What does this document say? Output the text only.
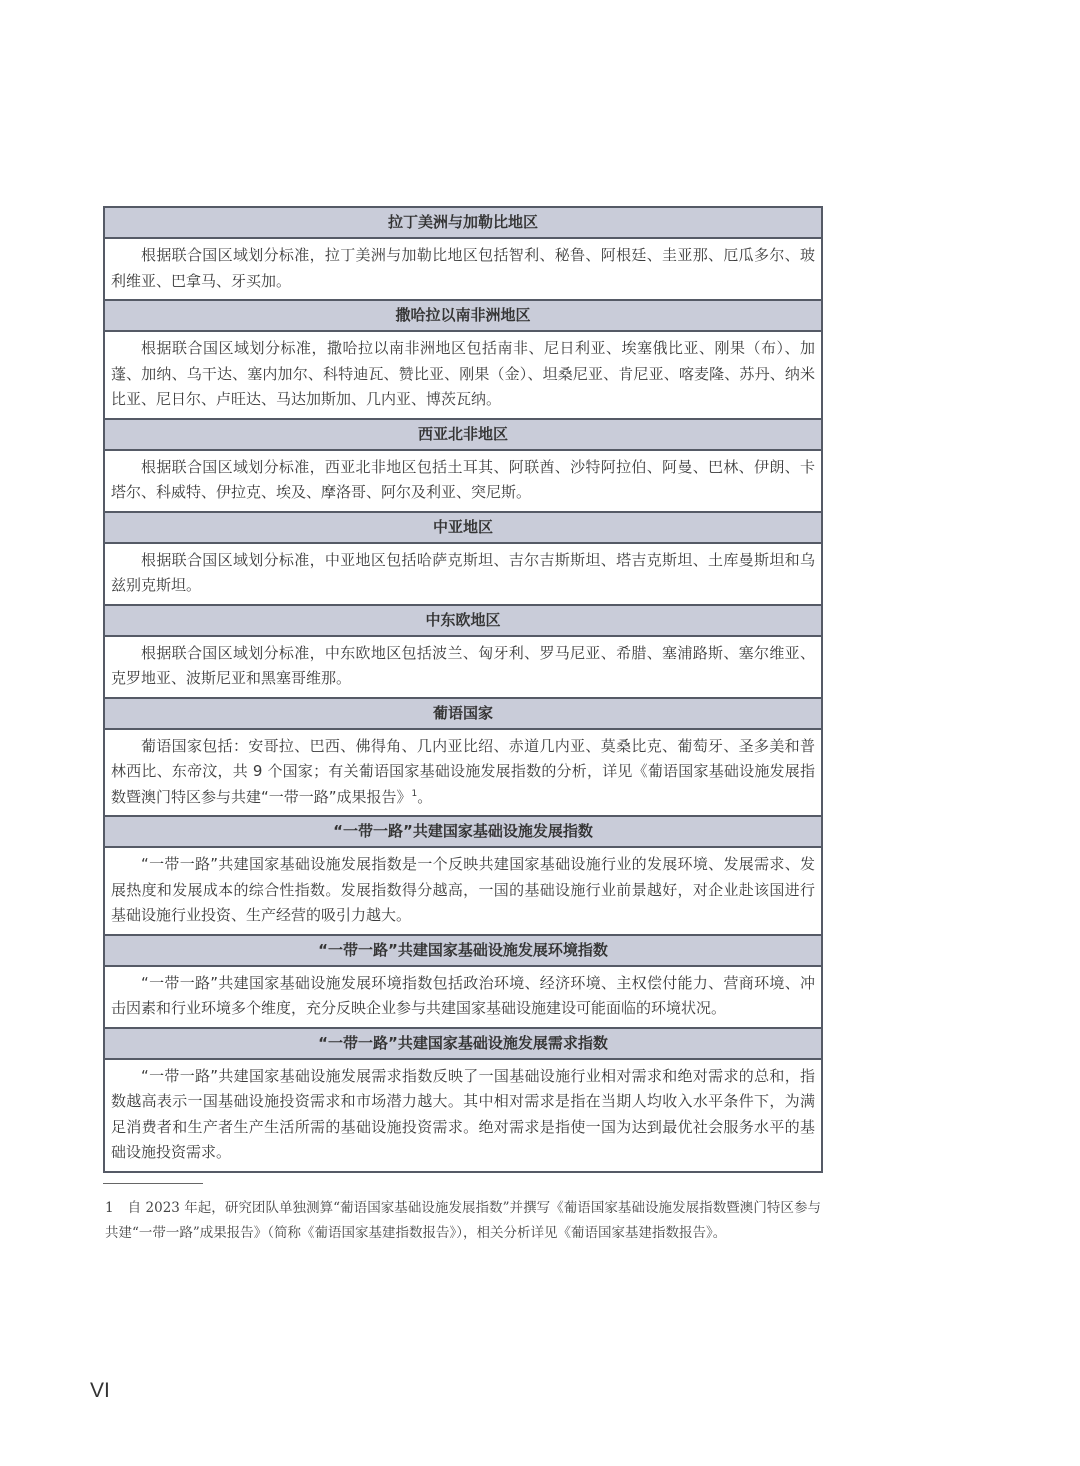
拉丁美洲与加勒比地区
根据联合国区域划分标准，拉丁美洲与加勒比地区包括智利、秘鲁、阿根廷、圭亚那、厄瓜多尔、玻利维亚、巴拿马、牙买加。
撒哈拉以南非洲地区
根据联合国区域划分标准，撒哈拉以南非洲地区包括南非、尼日利亚、埃塞俄比亚、刚果（布）、加蓬、加纳、乌干达、塞内加尔、科特迪瓦、赞比亚、刚果（金）、坦桑尼亚、肯尼亚、喀麦隆、苏丹、纳米比亚、尼日尔、卢旺达、马达加斯加、几内亚、博茨瓦纳。
西亚北非地区
根据联合国区域划分标准，西亚北非地区包括土耳其、阿联酋、沙特阿拉伯、阿曼、巴林、伊朗、卡塔尔、科威特、伊拉克、埃及、摩洛哥、阿尔及利亚、突尼斯。
中亚地区
根据联合国区域划分标准，中亚地区包括哈萨克斯坦、吉尔吉斯斯坦、塔吉克斯坦、土库曼斯坦和乌兹别克斯坦。
中东欧地区
根据联合国区域划分标准，中东欧地区包括波兰、匈牙利、罗马尼亚、希腊、塞浦路斯、塞尔维亚、克罗地亚、波斯尼亚和黑塞哥维那。
葡语国家
葡语国家包括：安哥拉、巴西、佛得角、几内亚比绍、赤道几内亚、莫桑比克、葡萄牙、圣多美和普林西比、东帝汶，共 9 个国家；有关葡语国家基础设施发展指数的分析，详见《葡语国家基础设施发展指数暨澳门特区参与共建“一带一路”成果报告》$^1$。
“一带一路”共建国家基础设施发展指数
“一带一路”共建国家基础设施发展指数是一个反映共建国家基础设施行业的发展环境、发展需求、发展热度和发展成本的综合性指数。发展指数得分越高，一国的基础设施行业前景越好，对企业赴该国进行基础设施行业投资、生产经营的吸引力越大。
“一带一路”共建国家基础设施发展环境指数
“一带一路”共建国家基础设施发展环境指数包括政治环境、经济环境、主权偿付能力、营商环境、冲击因素和行业环境多个维度，充分反映企业参与共建国家基础设施建设可能面临的环境状况。
“一带一路”共建国家基础设施发展需求指数
“一带一路”共建国家基础设施发展需求指数反映了一国基础设施行业相对需求和绝对需求的总和，指数越高表示一国基础设施投资需求和市场潜力越大。其中相对需求是指在当期人均收入水平条件下，为满足消费者和生产者生产生活所需的基础设施投资需求。绝对需求是指使一国为达到最优社会服务水平的基础设施投资需求。

1 自 2023 年起，研究团队单独测算“葡语国家基础设施发展指数”并撰写《葡语国家基础设施发展指数暨澳门特区参与共建“一带一路”成果报告》（简称《葡语国家基建指数报告》），相关分析详见《葡语国家基建指数报告》。

VI
